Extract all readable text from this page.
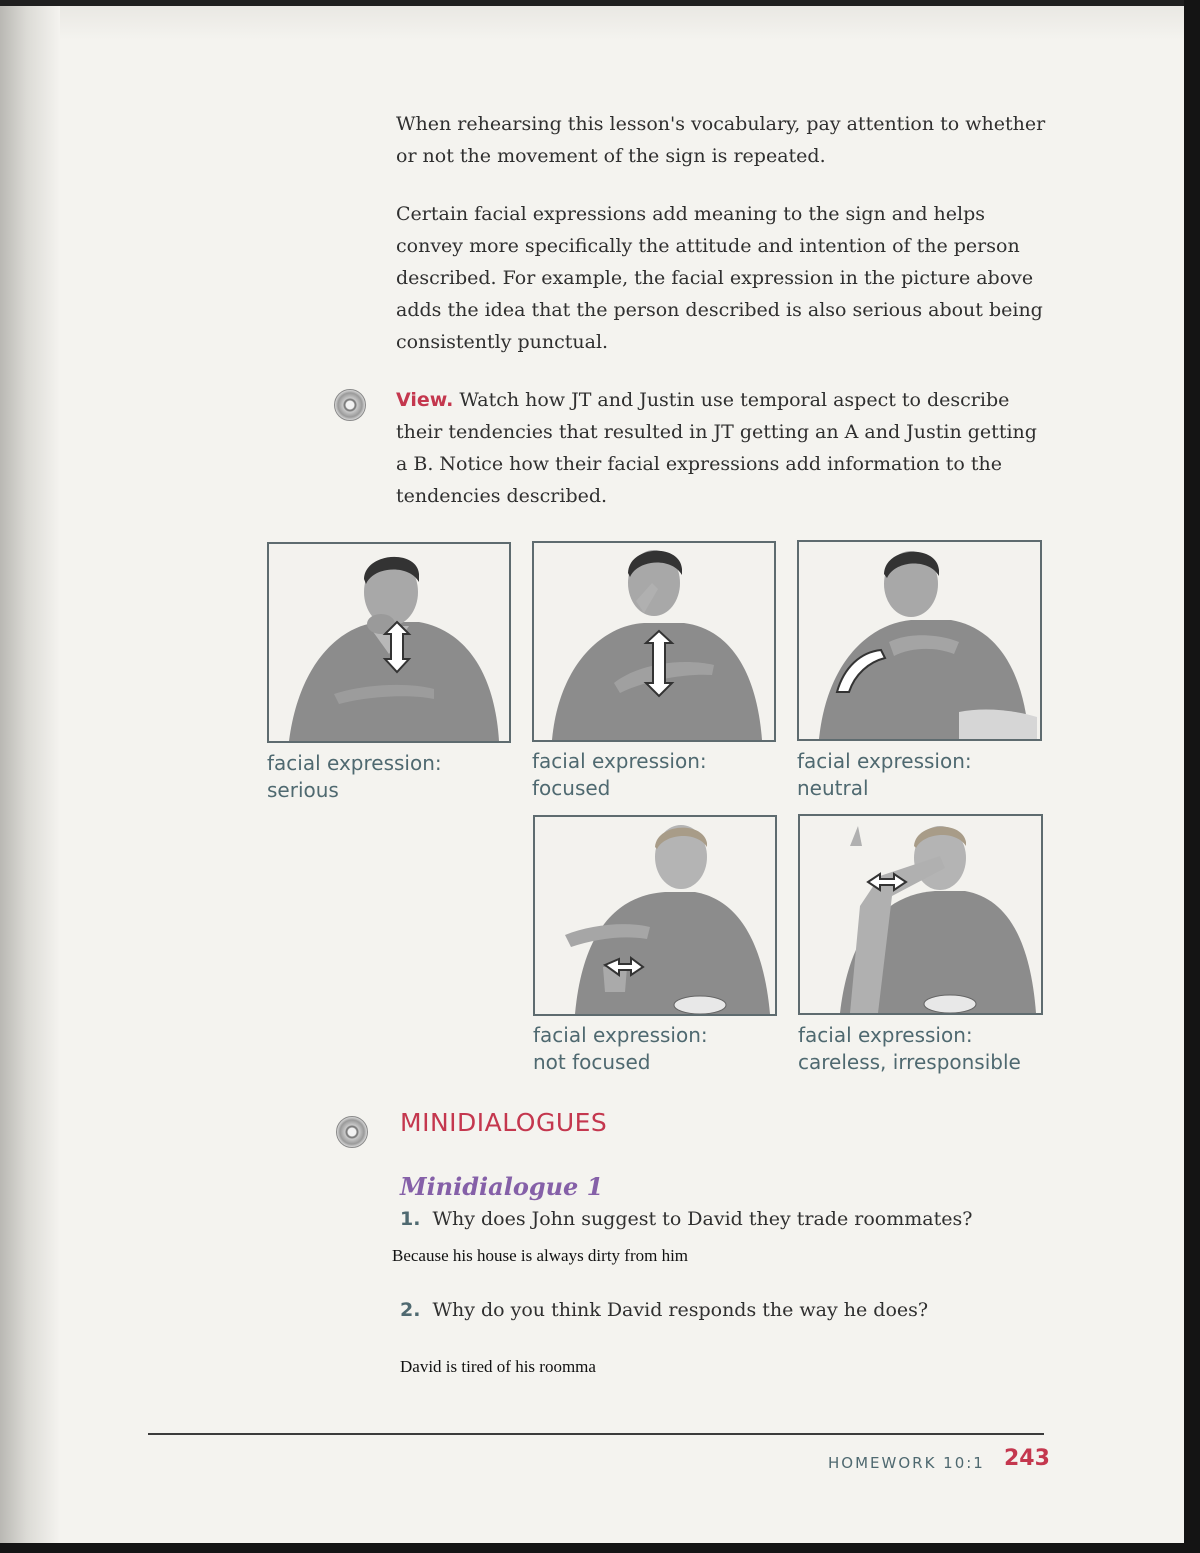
When rehearsing this lesson's vocabulary, pay attention to whether or not the movement of the sign is repeated.

Certain facial expressions add meaning to the sign and helps convey more specifically the attitude and intention of the person described. For example, the facial expression in the picture above adds the idea that the person described is also serious about being consistently punctual.

View. Watch how JT and Justin use temporal aspect to describe their tendencies that resulted in JT getting an A and Justin getting a B. Notice how their facial expressions add information to the tendencies described.

facial expression:
serious
facial expression:
focused
facial expression:
neutral
facial expression:
not focused
facial expression:
careless, irresponsible
MINIDIALOGUES
Minidialogue 1
1. Why does John suggest to David they trade roommates?
Because his house is always dirty from him
2. Why do you think David responds the way he does?
David is tired of his roomma
HOMEWORK 10:1 243
